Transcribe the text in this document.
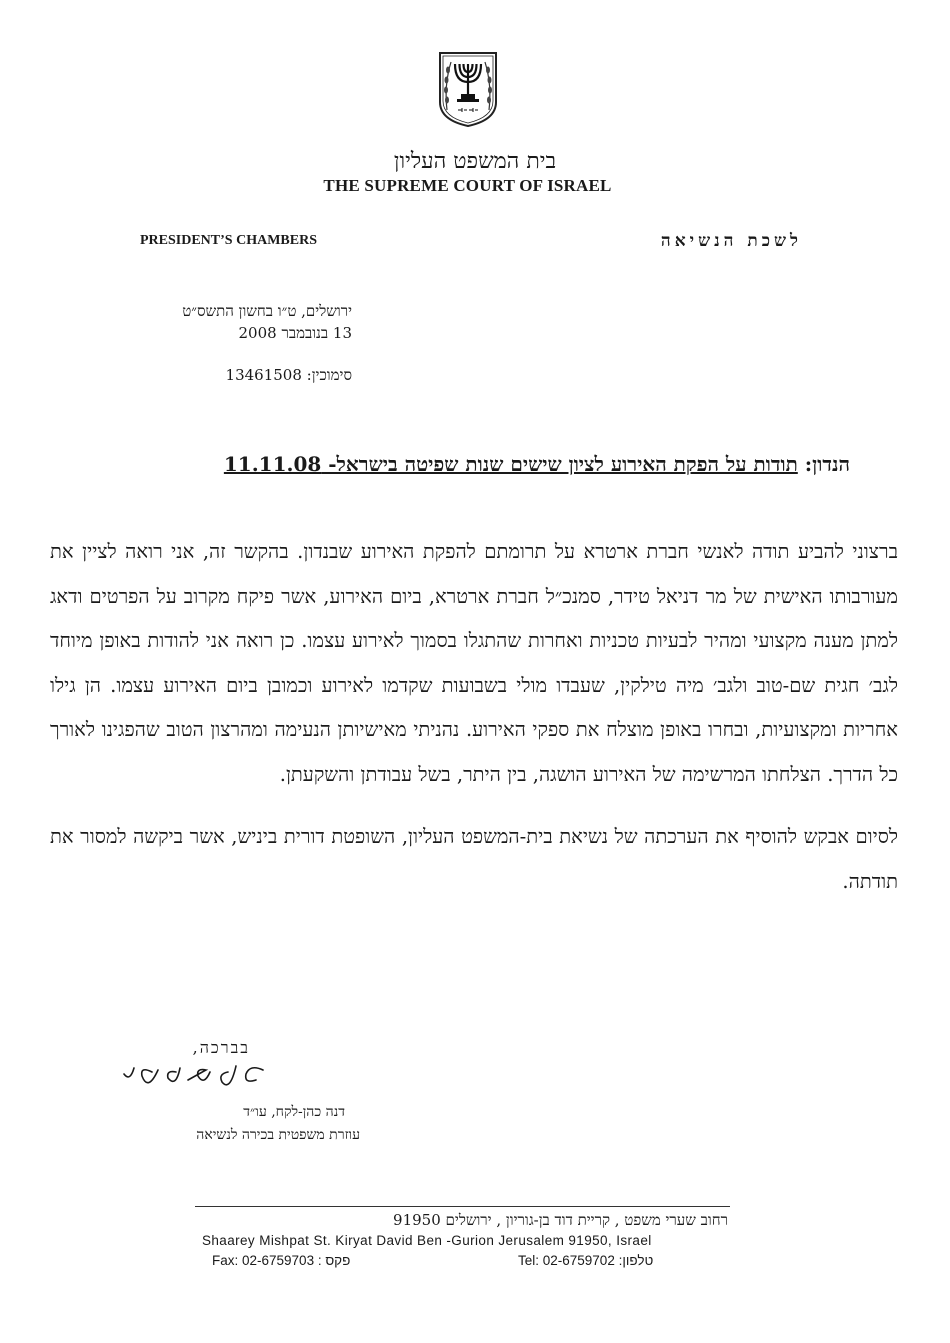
בית המשפט העליון
THE SUPREME COURT OF ISRAEL
PRESIDENT’S CHAMBERS	לשכת הנשיאה
ירושלים, ט״ו בחשון התשס״ט
13 בנובמבר 2008
סימוכין: 13461508
הנדון: תודות על הפקת האירוע לציון שישים שנות שפיטה בישראל- 11.11.08

ברצוני להביע תודה לאנשי חברת ארטרא על תרומתם להפקת האירוע שבנדון. בהקשר זה, אני רואה לציין את מעורבותו האישית של מר דניאל טידר, סמנכ״ל חברת ארטרא, ביום האירוע, אשר פיקח מקרוב על הפרטים ודאג למתן מענה מקצועי ומהיר לבעיות טכניות ואחרות שהתגלו בסמוך לאירוע עצמו. כן רואה אני להודות באופן מיוחד לגב׳ חגית שם-טוב ולגב׳ מיה טילקין, שעבדו מולי בשבועות שקדמו לאירוע וכמובן ביום האירוע עצמו. הן גילו אחריות ומקצועיות, ובחרו באופן מוצלח את ספקי האירוע. נהניתי מאישיותן הנעימה ומהרצון הטוב שהפגינו לאורך כל הדרך. הצלחתו המרשימה של האירוע הושגה, בין היתר, בשל עבודתן והשקעתן.

לסיום אבקש להוסיף את הערכתה של נשיאת בית-המשפט העליון, השופטת דורית ביניש, אשר ביקשה למסור את תודתה.

בברכה,
דנה כהן-לקח, עו״ד
עוזרת משפטית בכירה לנשיאה
רחוב שערי משפט , קריית דוד בן-גוריון , ירושלים 91950
Shaarey Mishpat St. Kiryat David Ben -Gurion Jerusalem 91950, Israel
Fax: 02-6759703 : פקס	Tel: 02-6759702 :טלפון
